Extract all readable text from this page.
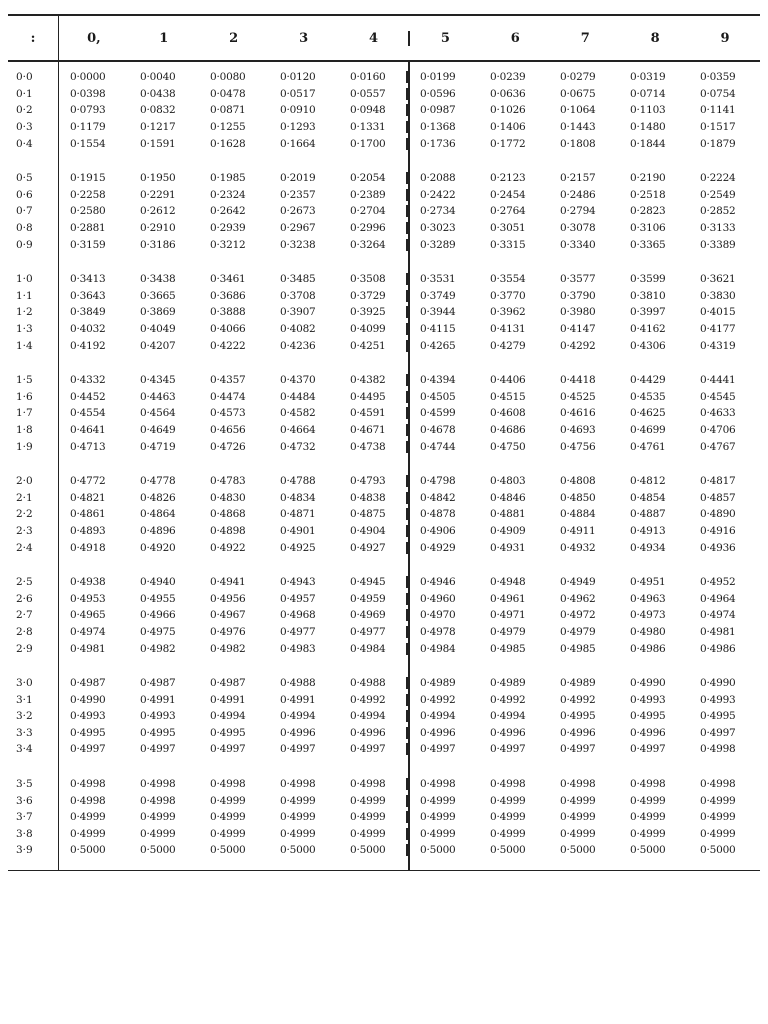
:	0,	1	2	3	4	5	6	7	8	9
0·0	0·0000	0·0040	0·0080	0·0120	0·0160	0·0199	0·0239	0·0279	0·0319	0·0359
0·1	0·0398	0·0438	0·0478	0·0517	0·0557	0·0596	0·0636	0·0675	0·0714	0·0754
0·2	0·0793	0·0832	0·0871	0·0910	0·0948	0·0987	0·1026	0·1064	0·1103	0·1141
0·3	0·1179	0·1217	0·1255	0·1293	0·1331	0·1368	0·1406	0·1443	0·1480	0·1517
0·4	0·1554	0·1591	0·1628	0·1664	0·1700	0·1736	0·1772	0·1808	0·1844	0·1879
0·5	0·1915	0·1950	0·1985	0·2019	0·2054	0·2088	0·2123	0·2157	0·2190	0·2224
0·6	0·2258	0·2291	0·2324	0·2357	0·2389	0·2422	0·2454	0·2486	0·2518	0·2549
0·7	0·2580	0·2612	0·2642	0·2673	0·2704	0·2734	0·2764	0·2794	0·2823	0·2852
0·8	0·2881	0·2910	0·2939	0·2967	0·2996	0·3023	0·3051	0·3078	0·3106	0·3133
0·9	0·3159	0·3186	0·3212	0·3238	0·3264	0·3289	0·3315	0·3340	0·3365	0·3389
1·0	0·3413	0·3438	0·3461	0·3485	0·3508	0·3531	0·3554	0·3577	0·3599	0·3621
1·1	0·3643	0·3665	0·3686	0·3708	0·3729	0·3749	0·3770	0·3790	0·3810	0·3830
1·2	0·3849	0·3869	0·3888	0·3907	0·3925	0·3944	0·3962	0·3980	0·3997	0·4015
1·3	0·4032	0·4049	0·4066	0·4082	0·4099	0·4115	0·4131	0·4147	0·4162	0·4177
1·4	0·4192	0·4207	0·4222	0·4236	0·4251	0·4265	0·4279	0·4292	0·4306	0·4319
1·5	0·4332	0·4345	0·4357	0·4370	0·4382	0·4394	0·4406	0·4418	0·4429	0·4441
1·6	0·4452	0·4463	0·4474	0·4484	0·4495	0·4505	0·4515	0·4525	0·4535	0·4545
1·7	0·4554	0·4564	0·4573	0·4582	0·4591	0·4599	0·4608	0·4616	0·4625	0·4633
1·8	0·4641	0·4649	0·4656	0·4664	0·4671	0·4678	0·4686	0·4693	0·4699	0·4706
1·9	0·4713	0·4719	0·4726	0·4732	0·4738	0·4744	0·4750	0·4756	0·4761	0·4767
2·0	0·4772	0·4778	0·4783	0·4788	0·4793	0·4798	0·4803	0·4808	0·4812	0·4817
2·1	0·4821	0·4826	0·4830	0·4834	0·4838	0·4842	0·4846	0·4850	0·4854	0·4857
2·2	0·4861	0·4864	0·4868	0·4871	0·4875	0·4878	0·4881	0·4884	0·4887	0·4890
2·3	0·4893	0·4896	0·4898	0·4901	0·4904	0·4906	0·4909	0·4911	0·4913	0·4916
2·4	0·4918	0·4920	0·4922	0·4925	0·4927	0·4929	0·4931	0·4932	0·4934	0·4936
2·5	0·4938	0·4940	0·4941	0·4943	0·4945	0·4946	0·4948	0·4949	0·4951	0·4952
2·6	0·4953	0·4955	0·4956	0·4957	0·4959	0·4960	0·4961	0·4962	0·4963	0·4964
2·7	0·4965	0·4966	0·4967	0·4968	0·4969	0·4970	0·4971	0·4972	0·4973	0·4974
2·8	0·4974	0·4975	0·4976	0·4977	0·4977	0·4978	0·4979	0·4979	0·4980	0·4981
2·9	0·4981	0·4982	0·4982	0·4983	0·4984	0·4984	0·4985	0·4985	0·4986	0·4986
3·0	0·4987	0·4987	0·4987	0·4988	0·4988	0·4989	0·4989	0·4989	0·4990	0·4990
3·1	0·4990	0·4991	0·4991	0·4991	0·4992	0·4992	0·4992	0·4992	0·4993	0·4993
3·2	0·4993	0·4993	0·4994	0·4994	0·4994	0·4994	0·4994	0·4995	0·4995	0·4995
3·3	0·4995	0·4995	0·4995	0·4996	0·4996	0·4996	0·4996	0·4996	0·4996	0·4997
3·4	0·4997	0·4997	0·4997	0·4997	0·4997	0·4997	0·4997	0·4997	0·4997	0·4998
3·5	0·4998	0·4998	0·4998	0·4998	0·4998	0·4998	0·4998	0·4998	0·4998	0·4998
3·6	0·4998	0·4998	0·4999	0·4999	0·4999	0·4999	0·4999	0·4999	0·4999	0·4999
3·7	0·4999	0·4999	0·4999	0·4999	0·4999	0·4999	0·4999	0·4999	0·4999	0·4999
3·8	0·4999	0·4999	0·4999	0·4999	0·4999	0·4999	0·4999	0·4999	0·4999	0·4999
3·9	0·5000	0·5000	0·5000	0·5000	0·5000	0·5000	0·5000	0·5000	0·5000	0·5000
